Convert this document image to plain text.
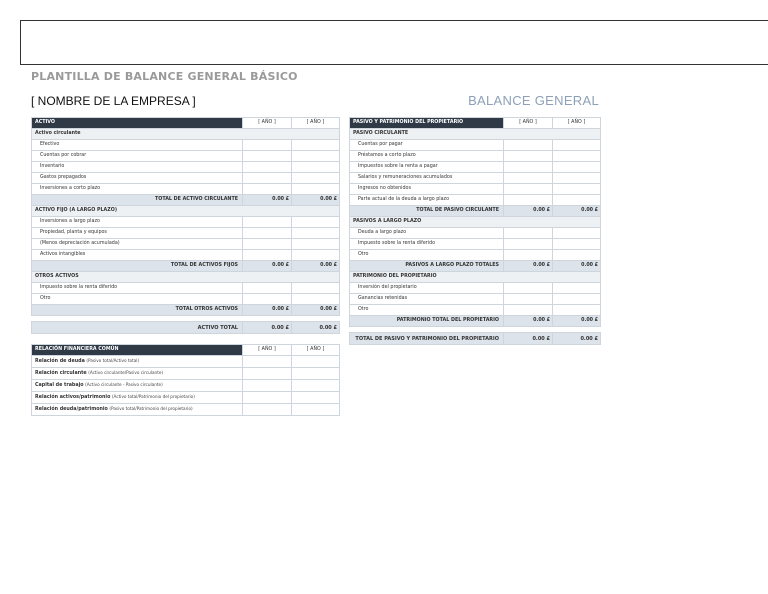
PLANTILLA DE BALANCE GENERAL BÁSICO
[ NOMBRE DE LA EMPRESA ]	BALANCE GENERAL
ACTIVO	[ AÑO ]	[ AÑO ]
Activo circulante		
Efectivo		
Cuentas por cobrar		
Inventario		
Gastos prepagados		
Inversiones a corto plazo		
TOTAL DE ACTIVO CIRCULANTE	0.00 £	0.00 £
ACTIVO FIJO (A LARGO PLAZO)		
Inversiones a largo plazo		
Propiedad, planta y equipos		
(Menos depreciación acumulada)		
Activos intangibles		
TOTAL DE ACTIVOS FIJOS	0.00 £	0.00 £
OTROS ACTIVOS		
Impuesto sobre la renta diferido		
Otro		
TOTAL OTROS ACTIVOS	0.00 £	0.00 £

ACTIVO TOTAL	0.00 £	0.00 £
PASIVO Y PATRIMONIO DEL PROPIETARIO	[ AÑO ]	[ AÑO ]
PASIVO CIRCULANTE		
Cuentas por pagar		
Préstamos a corto plazo		
Impuestos sobre la renta a pagar		
Salarios y remuneraciones acumulados		
Ingresos no obtenidos		
Parte actual de la deuda a largo plazo		
TOTAL DE PASIVO CIRCULANTE	0.00 £	0.00 £
PASIVOS A LARGO PLAZO		
Deuda a largo plazo		
Impuesto sobre la renta diferido		
Otro		
PASIVOS A LARGO PLAZO TOTALES	0.00 £	0.00 £
PATRIMONIO DEL PROPIETARIO		
Inversión del propietario		
Ganancias retenidas		
Otro		
PATRIMONIO TOTAL DEL PROPIETARIO	0.00 £	0.00 £

TOTAL DE PASIVO Y PATRIMONIO DEL PROPIETARIO	0.00 £	0.00 £
RELACIÓN FINANCIERA COMÚN	[ AÑO ]	[ AÑO ]
Relación de deuda (Pasivo total/Activo total)		
Relación circulante (Activo circulante/Pasivo circulante)		
Capital de trabajo (Activo circulante - Pasivo circulante)		
Relación activos/patrimonio (Activo total/Patrimonio del propietario)		
Relación deuda/patrimonio (Pasivo total/Patrimonio del propietario)		
